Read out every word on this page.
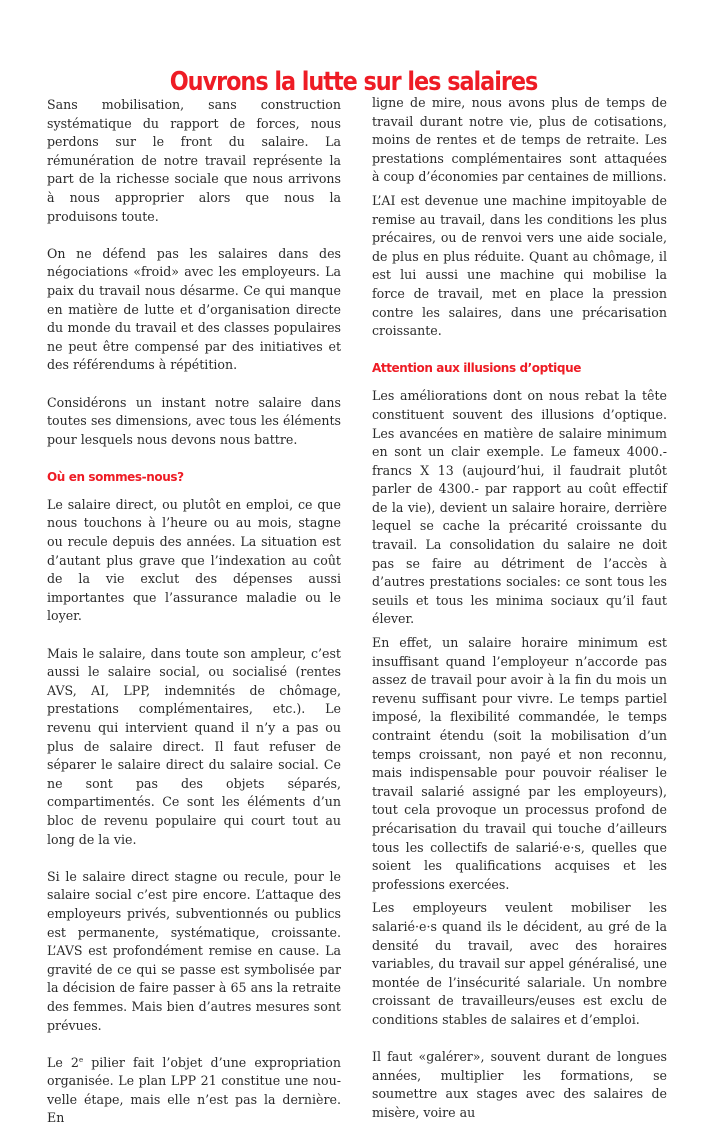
Ouvrons la lutte sur les salaires

Sans mobilisation, sans construction systématique du rapport de forces, nous perdons sur le front du salaire. La rémunération de notre travail représente la part de la richesse sociale que nous arrivons à nous approprier alors que nous la produisons toute.

On ne défend pas les salaires dans des négociations «froid» avec les employeurs. La paix du travail nous désarme. Ce qui manque en matière de lutte et d’organisation directe du monde du travail et des classes populaires ne peut être compensé par des initiatives et des référendums à répétition.

Considérons un instant notre salaire dans toutes ses dimensions, avec tous les éléments pour lesquels nous devons nous battre.

Où en sommes-nous?

Le salaire direct, ou plutôt en emploi, ce que nous touchons à l’heure ou au mois, stagne ou recule depuis des années. La situation est d’autant plus grave que l’indexation au coût de la vie exclut des dépenses aussi importantes que l’assurance maladie ou le loyer.

Mais le salaire, dans toute son ampleur, c’est aussi le salaire social, ou socialisé (rentes AVS, AI, LPP, indemnités de chômage, prestations complémentaires, etc.). Le revenu qui intervient quand il n’y a pas ou plus de salaire direct. Il faut refuser de séparer le salaire direct du salaire social. Ce ne sont pas des objets séparés, compartimentés. Ce sont les éléments d’un bloc de revenu populaire qui court tout au long de la vie.

Si le salaire direct stagne ou recule, pour le salaire social c’est pire encore. L’attaque des employeurs privés, subventionnés ou publics est permanente, systématique, croissante. L’AVS est profondément remise en cause. La gravité de ce qui se passe est symbolisée par la décision de faire passer à 65 ans la retraite des femmes. Mais bien d’autres mesures sont prévues.

Le 2e pilier fait l’objet d’une expropriation organisée. Le plan LPP 21 constitue une nouvelle étape, mais elle n’est pas la dernière. En

ligne de mire, nous avons plus de temps de travail durant notre vie, plus de cotisations, moins de rentes et de temps de retraite. Les prestations complémentaires sont attaquées à coup d’économies par centaines de millions.

L’AI est devenue une machine impitoyable de remise au travail, dans les conditions les plus précaires, ou de renvoi vers une aide sociale, de plus en plus réduite. Quant au chômage, il est lui aussi une machine qui mobilise la force de travail, met en place la pression contre les salaires, dans une précarisation croissante.

Attention aux illusions d’optique

Les améliorations dont on nous rebat la tête constituent souvent des illusions d’optique. Les avancées en matière de salaire minimum en sont un clair exemple. Le fameux 4000.- francs X 13 (aujourd’hui, il faudrait plutôt parler de 4300.- par rapport au coût effectif de la vie), devient un salaire horaire, derrière lequel se cache la précarité croissante du travail. La consolidation du salaire ne doit pas se faire au détriment de l’accès à d’autres prestations sociales: ce sont tous les seuils et tous les minima sociaux qu’il faut élever.

En effet, un salaire horaire minimum est insuffisant quand l’employeur n’accorde pas assez de travail pour avoir à la fin du mois un revenu suffisant pour vivre. Le temps partiel imposé, la flexibilité commandée, le temps contraint étendu (soit la mobilisation d’un temps croissant, non payé et non reconnu, mais indispensable pour pouvoir réaliser le travail salarié assigné par les employeurs), tout cela provoque un processus profond de précarisation du travail qui touche d’ailleurs tous les collectifs de salarié·e·s, quelles que soient les qualifications acquises et les professions exercées.

Les employeurs veulent mobiliser les salarié·e·s quand ils le décident, au gré de la densité du travail, avec des horaires variables, du travail sur appel généralisé, une montée de l’insécurité salariale. Un nombre croissant de travailleurs/euses est exclu de conditions stables de salaires et d’emploi.

Il faut «galérer», souvent durant de longues années, multiplier les formations, se soumettre aux stages avec des salaires de misère, voire au
